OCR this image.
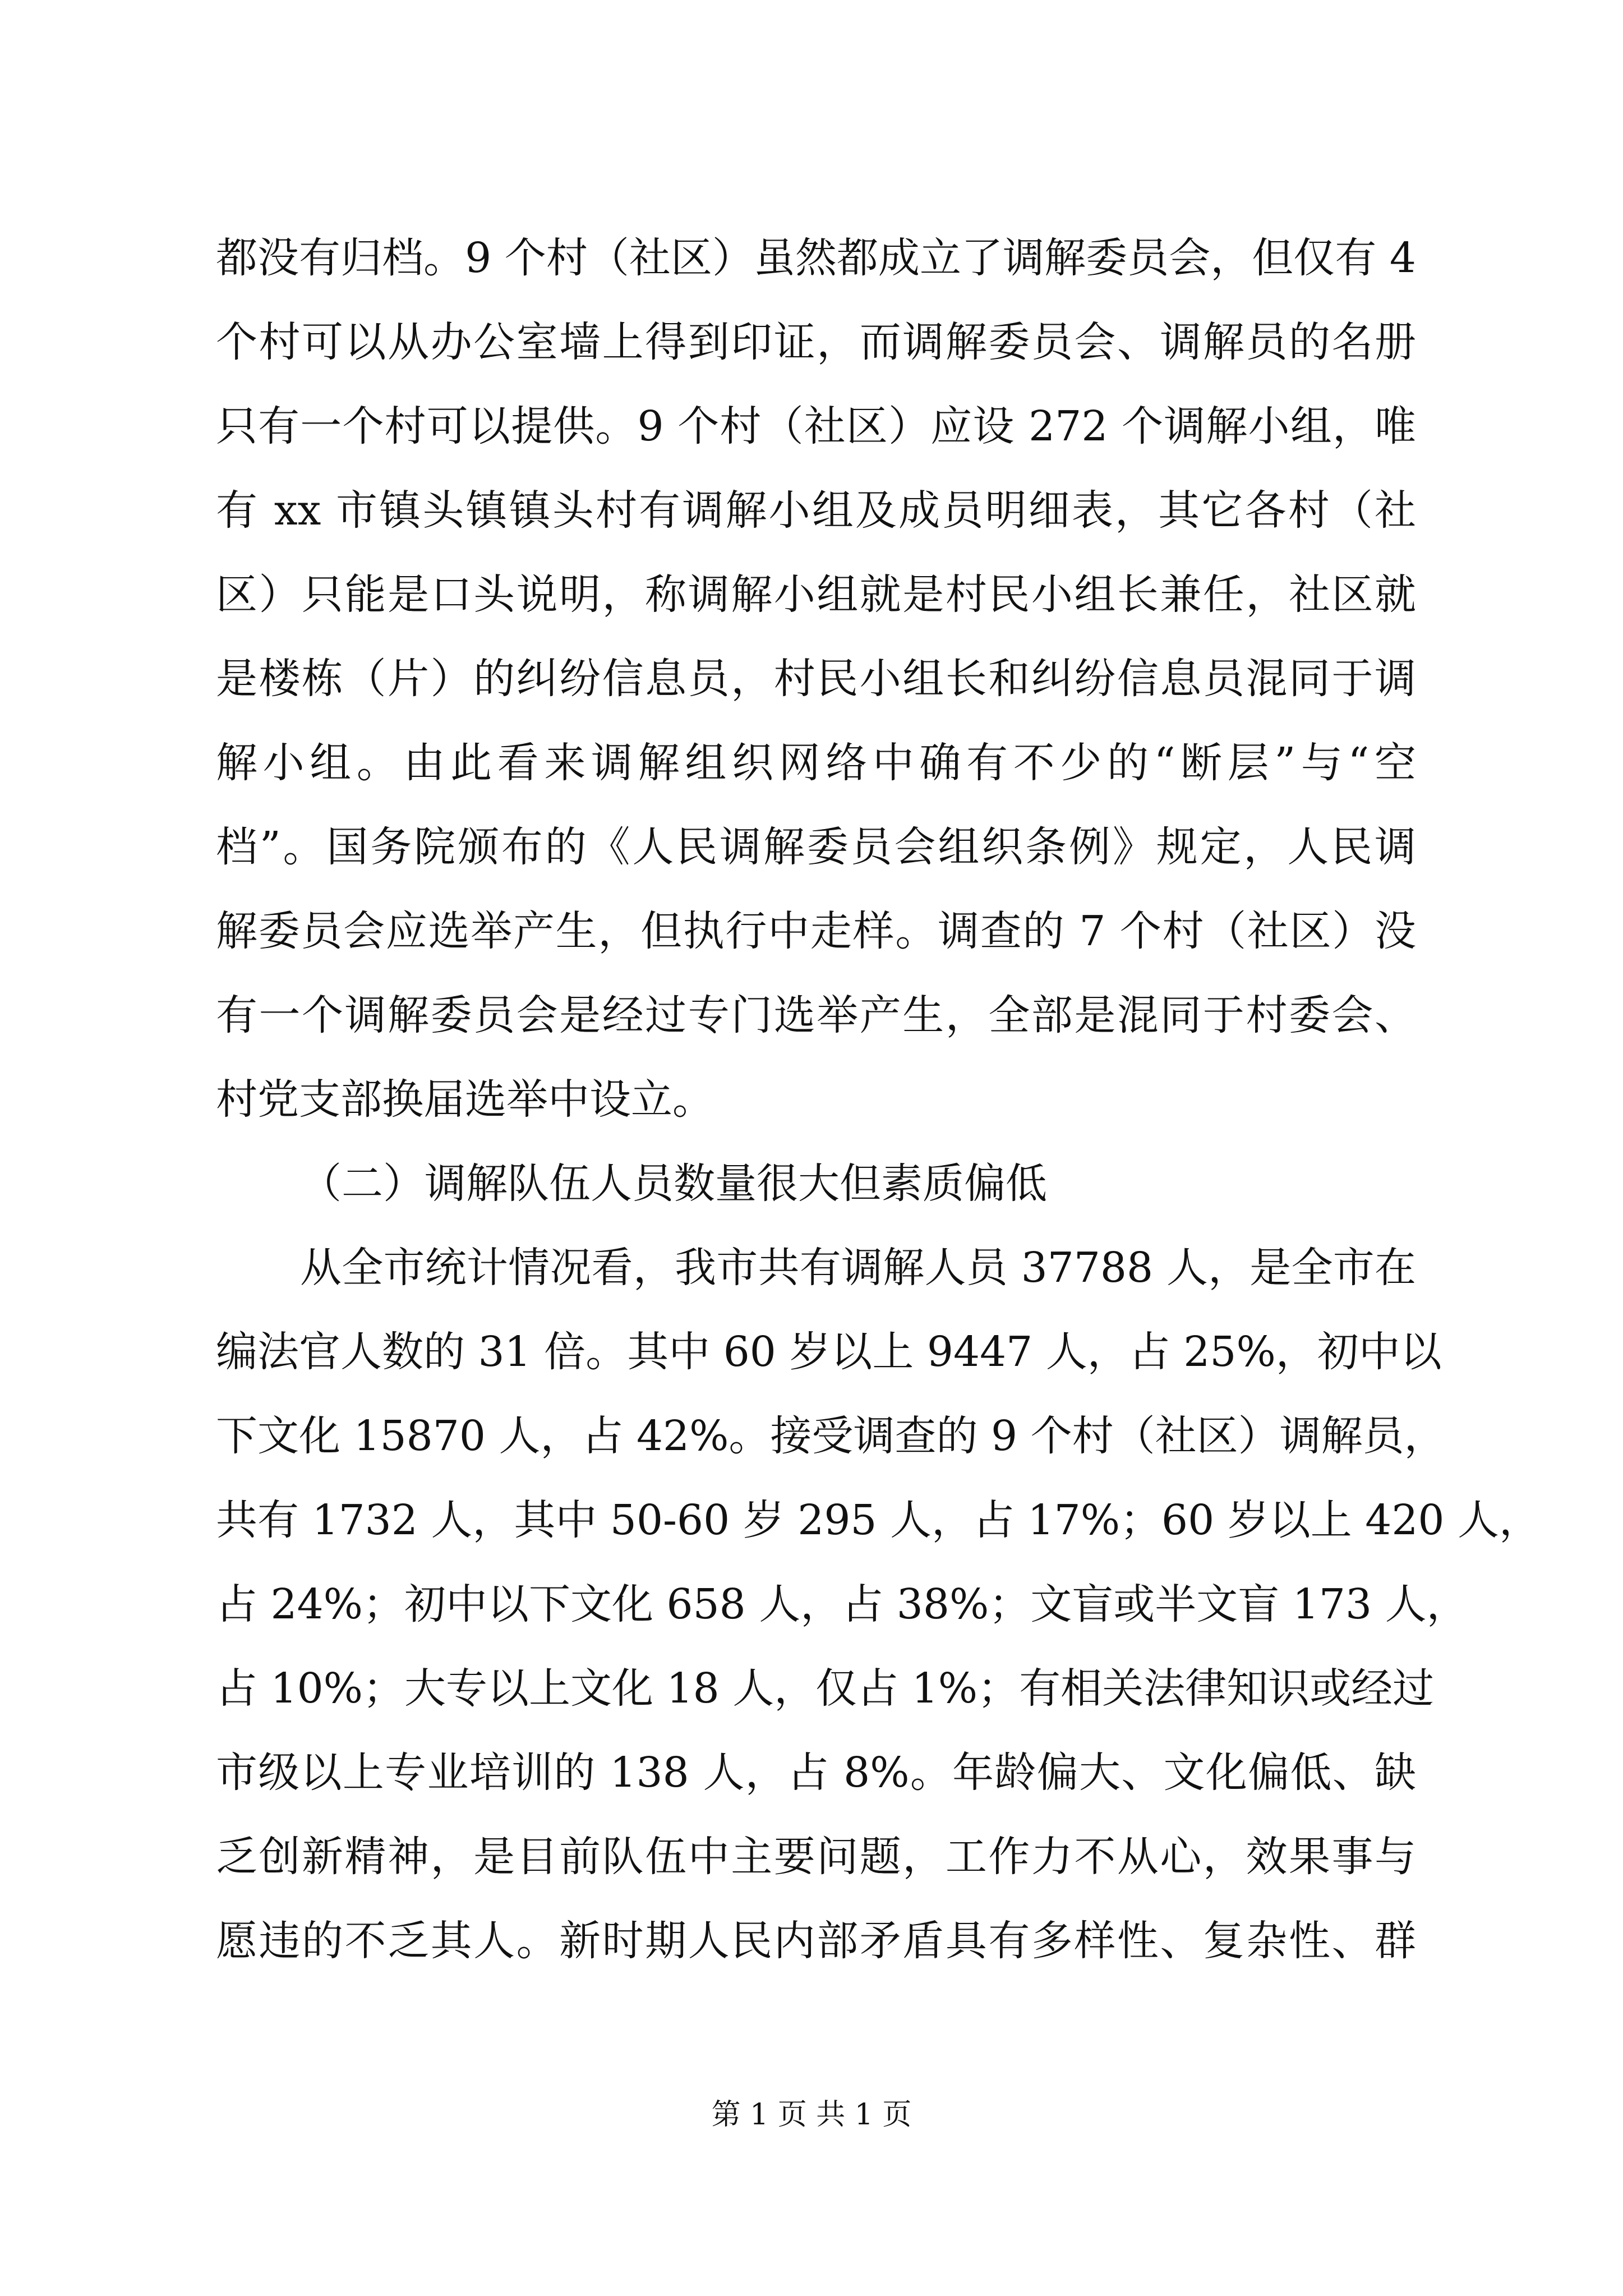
都没有归档。9 个村（社区）虽然都成立了调解委员会，但仅有 4
个村可以从办公室墙上得到印证，而调解委员会、调解员的名册
只有一个村可以提供。9 个村（社区）应设 272 个调解小组，唯
有 xx 市镇头镇镇头村有调解小组及成员明细表，其它各村（社
区）只能是口头说明，称调解小组就是村民小组长兼任，社区就
是楼栋（片）的纠纷信息员，村民小组长和纠纷信息员混同于调
解小组。由此看来调解组织网络中确有不少的“断层”与“空
档”。国务院颁布的《人民调解委员会组织条例》规定，人民调
解委员会应选举产生，但执行中走样。调查的 7 个村（社区）没
有一个调解委员会是经过专门选举产生，全部是混同于村委会、
村党支部换届选举中设立。
（二）调解队伍人员数量很大但素质偏低
从全市统计情况看，我市共有调解人员 37788 人，是全市在
编法官人数的 31 倍。其中 60 岁以上 9447 人，占 25%，初中以
下文化 15870 人，占 42%。接受调查的 9 个村（社区）调解员，
共有 1732 人，其中 50-60 岁 295 人，占 17%；60 岁以上 420 人，
占 24%；初中以下文化 658 人，占 38%；文盲或半文盲 173 人，
占 10%；大专以上文化 18 人，仅占 1%；有相关法律知识或经过
市级以上专业培训的 138 人，占 8%。年龄偏大、文化偏低、缺
乏创新精神，是目前队伍中主要问题，工作力不从心，效果事与
愿违的不乏其人。新时期人民内部矛盾具有多样性、复杂性、群
第 1 页 共 1 页
